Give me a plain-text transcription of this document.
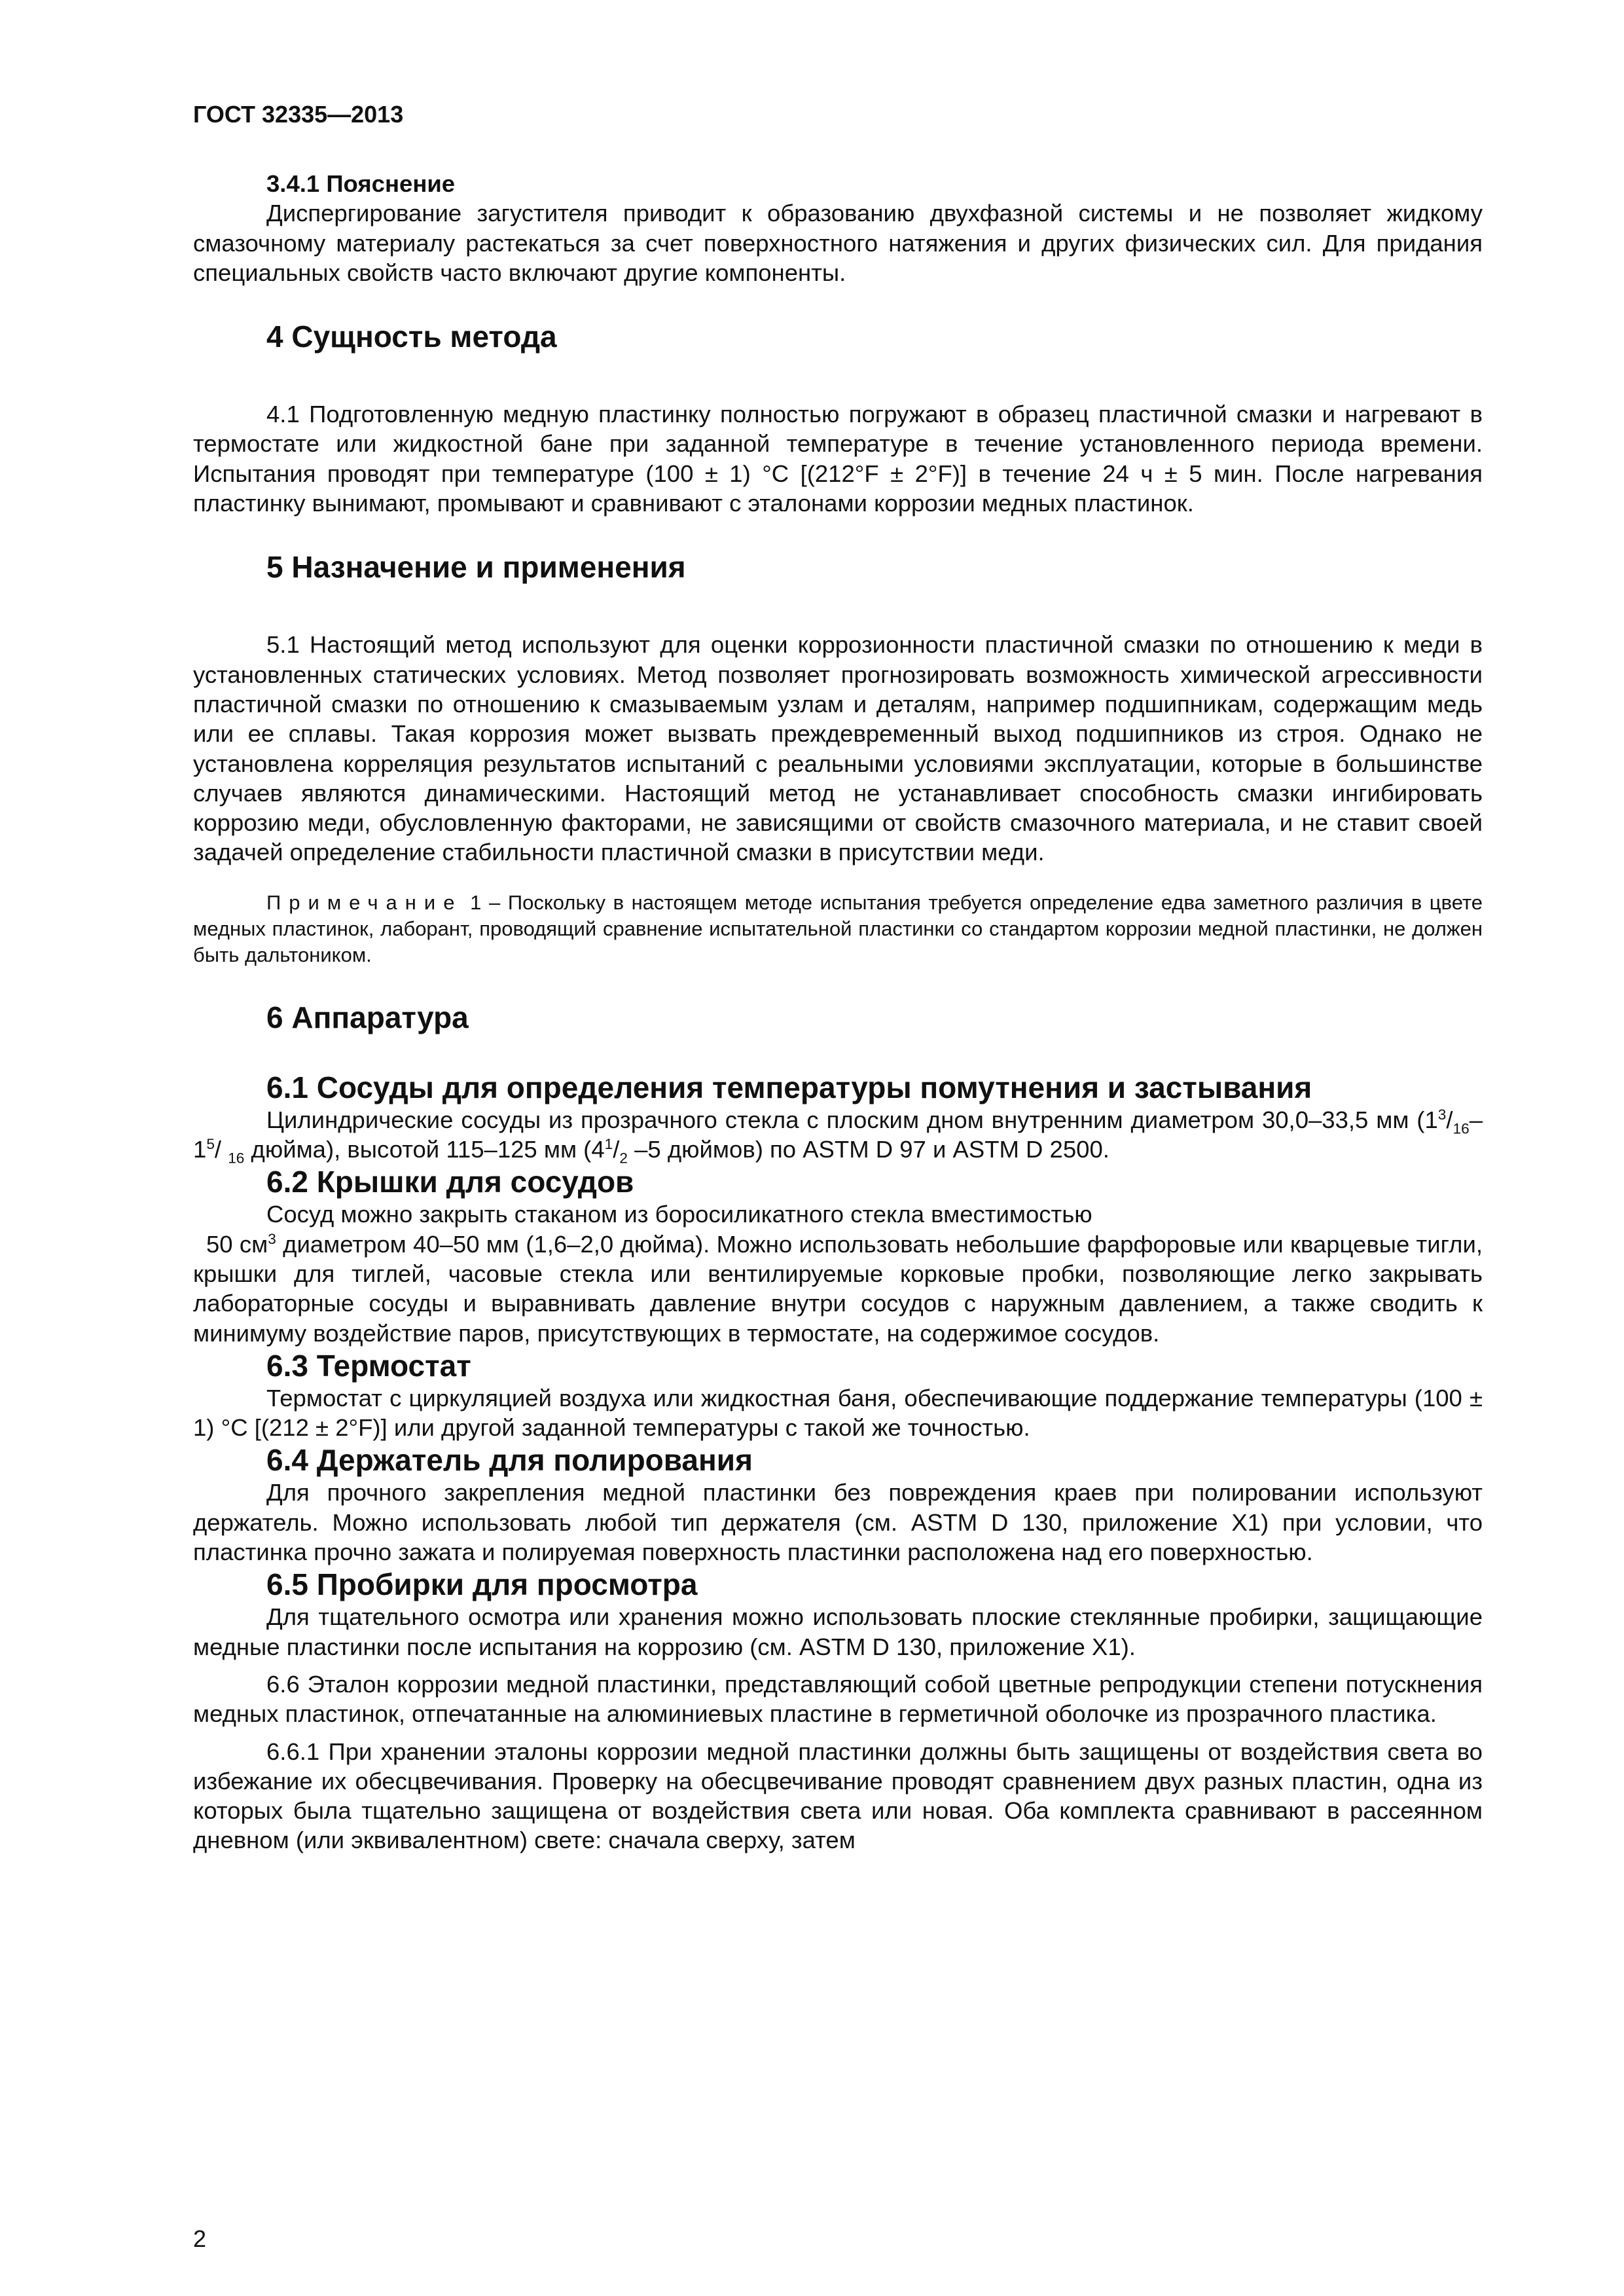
ГОСТ 32335—2013
3.4.1 Пояснение

Диспергирование загустителя приводит к образованию двухфазной системы и не позволяет жидкому смазочному материалу растекаться за счет поверхностного натяжения и других физических сил. Для придания специальных свойств часто включают другие компоненты.

4 Сущность метода

4.1 Подготовленную медную пластинку полностью погружают в образец пластичной смазки и нагревают в термостате или жидкостной бане при заданной температуре в течение установленного периода времени. Испытания проводят при температуре (100 ± 1) °C [(212°F ± 2°F)] в течение 24 ч ± 5 мин. После нагревания пластинку вынимают, промывают и сравнивают с эталонами коррозии медных пластинок.

5 Назначение и применения

5.1 Настоящий метод используют для оценки коррозионности пластичной смазки по отношению к меди в установленных статических условиях. Метод позволяет прогнозировать возможность химической агрессивности пластичной смазки по отношению к смазываемым узлам и деталям, например подшипникам, содержащим медь или ее сплавы. Такая коррозия может вызвать преждевременный выход подшипников из строя. Однако не установлена корреляция результатов испытаний с реальными условиями эксплуатации, которые в большинстве случаев являются динамическими. Настоящий метод не устанавливает способность смазки ингибировать коррозию меди, обусловленную факторами, не зависящими от свойств смазочного материала, и не ставит своей задачей определение стабильности пластичной смазки в присутствии меди.

Примечание 1 – Поскольку в настоящем методе испытания требуется определение едва заметного различия в цвете медных пластинок, лаборант, проводящий сравнение испытательной пластинки со стандартом коррозии медной пластинки, не должен быть дальтоником.
6 Аппаратура
6.1 Сосуды для определения температуры помутнения и застывания

Цилиндрические сосуды из прозрачного стекла с плоским дном внутренним диаметром 30,0–33,5 мм ($1^3/_{16}-$ $1^5/$ $_{16}$ дюйма), высотой 115–125 мм ($4^1/_2$ –5 дюймов) по ASTM D 97 и ASTM D 2500.

6.2 Крышки для сосудов

Сосуд можно закрыть стаканом из боросиликатного стекла вместимостью

50 $см^3$ диаметром 40–50 мм (1,6–2,0 дюйма). Можно использовать небольшие фарфоровые или кварцевые тигли, крышки для тиглей, часовые стекла или вентилируемые корковые пробки, позволяющие легко закрывать лабораторные сосуды и выравнивать давление внутри сосудов с наружным давлением, а также сводить к минимуму воздействие паров, присутствующих в термостате, на содержимое сосудов.

6.3 Термостат

Термостат с циркуляцией воздуха или жидкостная баня, обеспечивающие поддержание температуры (100 ± 1) °C [(212 ± 2°F)] или другой заданной температуры с такой же точностью.

6.4 Держатель для полирования

Для прочного закрепления медной пластинки без повреждения краев при полировании используют держатель. Можно использовать любой тип держателя (см. ASTM D 130, приложение X1) при условии, что пластинка прочно зажата и полируемая поверхность пластинки расположена над его поверхностью.

6.5 Пробирки для просмотра

Для тщательного осмотра или хранения можно использовать плоские стеклянные пробирки, защищающие медные пластинки после испытания на коррозию (см. ASTM D 130, приложение X1).

6.6 Эталон коррозии медной пластинки, представляющий собой цветные репродукции степени потускнения медных пластинок, отпечатанные на алюминиевых пластине в герметичной оболочке из прозрачного пластика.

6.6.1 При хранении эталоны коррозии медной пластинки должны быть защищены от воздействия света во избежание их обесцвечивания. Проверку на обесцвечивание проводят сравнением двух разных пластин, одна из которых была тщательно защищена от воздействия света или новая. Оба комплекта сравнивают в рассеянном дневном (или эквивалентном) свете: сначала сверху, затем

2
